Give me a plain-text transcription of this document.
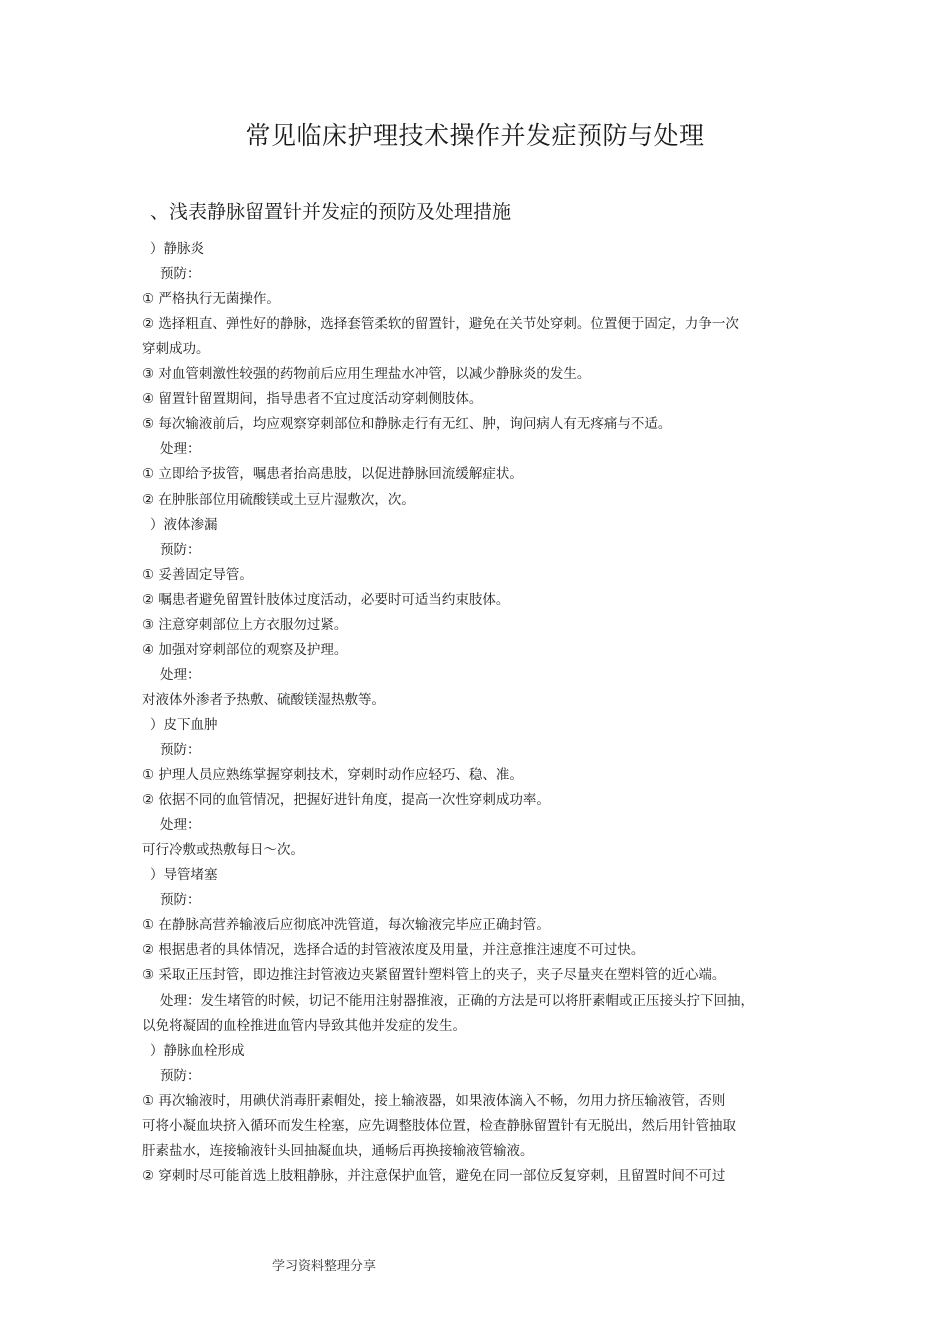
常见临床护理技术操作并发症预防与处理
、浅表静脉留置针并发症的预防及处理措施
）静脉炎
预防：
① 严格执行无菌操作。
② 选择粗直、弹性好的静脉，选择套管柔软的留置针，避免在关节处穿刺。位置便于固定，力争一次
穿刺成功。
③ 对血管刺激性较强的药物前后应用生理盐水冲管，以减少静脉炎的发生。
④ 留置针留置期间，指导患者不宜过度活动穿刺侧肢体。
⑤ 每次输液前后，均应观察穿刺部位和静脉走行有无红、肿，询问病人有无疼痛与不适。
处理：
① 立即给予拔管，嘱患者抬高患肢，以促进静脉回流缓解症状。
② 在肿胀部位用硫酸镁或土豆片湿敷次，次。
）液体渗漏
预防：
① 妥善固定导管。
② 嘱患者避免留置针肢体过度活动，必要时可适当约束肢体。
③ 注意穿刺部位上方衣服勿过紧。
④ 加强对穿刺部位的观察及护理。
处理：
对液体外渗者予热敷、硫酸镁湿热敷等。
）皮下血肿
预防：
① 护理人员应熟练掌握穿刺技术，穿刺时动作应轻巧、稳、准。
② 依据不同的血管情况，把握好进针角度，提高一次性穿刺成功率。
处理：
可行冷敷或热敷每日～次。
）导管堵塞
预防：
① 在静脉高营养输液后应彻底冲洗管道，每次输液完毕应正确封管。
② 根据患者的具体情况，选择合适的封管液浓度及用量，并注意推注速度不可过快。
③ 采取正压封管，即边推注封管液边夹紧留置针塑料管上的夹子，夹子尽量夹在塑料管的近心端。
处理：发生堵管的时候，切记不能用注射器推液，正确的方法是可以将肝素帽或正压接头拧下回抽，
以免将凝固的血栓推进血管内导致其他并发症的发生。
）静脉血栓形成
预防：
① 再次输液时，用碘伏消毒肝素帽处，接上输液器，如果液体滴入不畅，勿用力挤压输液管，否则
可将小凝血块挤入循环而发生栓塞，应先调整肢体位置，检查静脉留置针有无脱出，然后用针管抽取
肝素盐水，连接输液针头回抽凝血块，通畅后再换接输液管输液。
② 穿刺时尽可能首选上肢粗静脉，并注意保护血管，避免在同一部位反复穿刺，且留置时间不可过
学习资料整理分享
